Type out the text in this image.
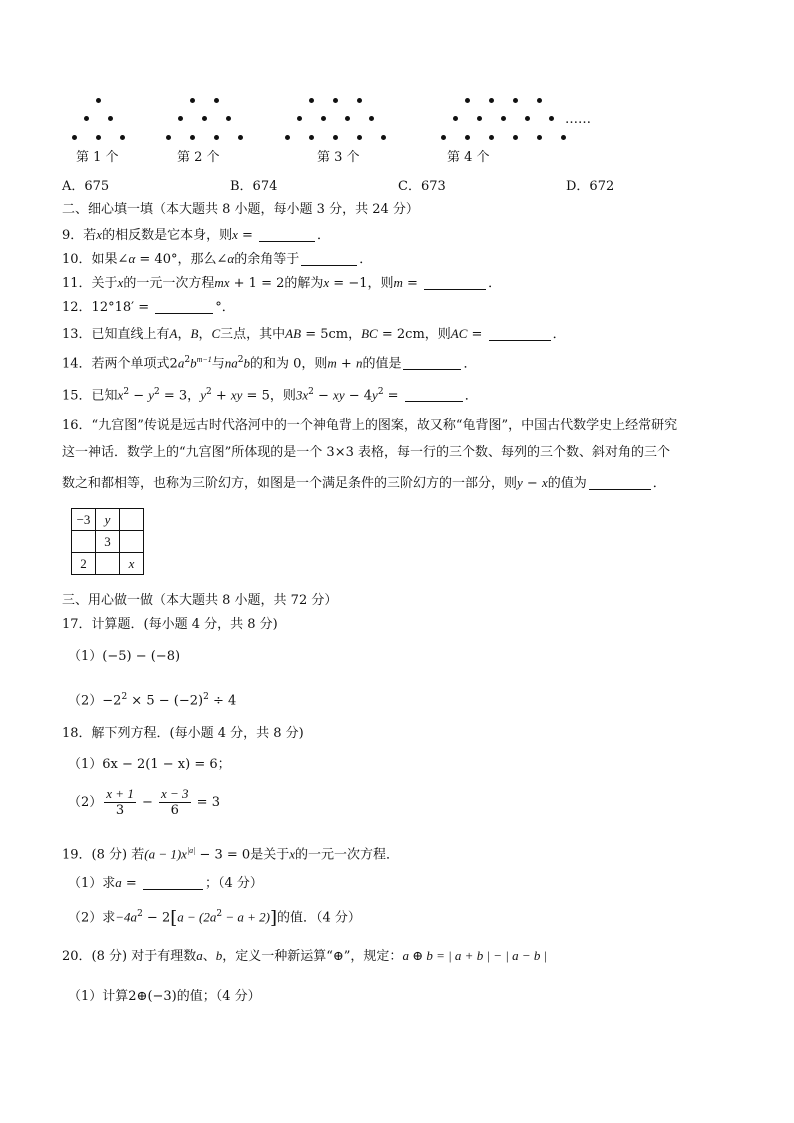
第 1 个	第 2 个	第 3 个	第 4 个
……
A．675	B．674	C．673	D．672
二、细心填一填（本大题共 8 小题，每小题 3 分，共 24 分）
9．若x的相反数是它本身，则x =	．
10．如果∠α = 40°，那么∠α的余角等于	．
11．关于x的一元一次方程mx + 1 = 2的解为x = −1，则m =	．
12．12°18′ =	°．
13．已知直线上有A，B，C三点，其中AB = 5cm，BC = 2cm，则AC =	．
14．若两个单项式$2a^2b^{m-1}$与$na^2b$的和为 0，则m + n的值是	．
15．已知$x^2 - y^2 = 3$，$y^2$ + xy = 5，则$3x^2$ − xy − $4y^2$ =	．
16．“九宫图”传说是远古时代洛河中的一个神龟背上的图案，故又称“龟背图”，中国古代数学史上经常研究
这一神话．数学上的“九宫图”所体现的是一个 3×3 表格，每一行的三个数、每列的三个数、斜对角的三个
数之和都相等，也称为三阶幻方，如图是一个满足条件的三阶幻方的一部分，则y − x的值为	．
−3	y	
	3	
2		x
三、用心做一做（本大题共 8 小题，共 72 分）
17．计算题．(每小题 4 分，共 8 分)
（1）(−5) − (−8)
$(2)-2^2 \times 5 - (-2)^2 \div 4$
18．解下列方程．(每小题 4 分，共 8 分)
（1）6x − 2(1 − x) = 6；
$(2) \frac{x + 1}{3} - \frac{x - 3}{6} = 3$
19．(8 分) 若$(a - 1)x^{|a|} - 3 = 0$是关于x的一元一次方程．
（1）求a =	；（4 分）
（2）求$-4a^2 - 2[a - (2a^2 - a + 2)]$的值．（4 分）
20．(8 分) 对于有理数a、b，定义一种新运算“⊕”，规定：a ⊕ b = | a + b | − | a − b |
（1）计算2⊕(−3)的值；（4 分）
